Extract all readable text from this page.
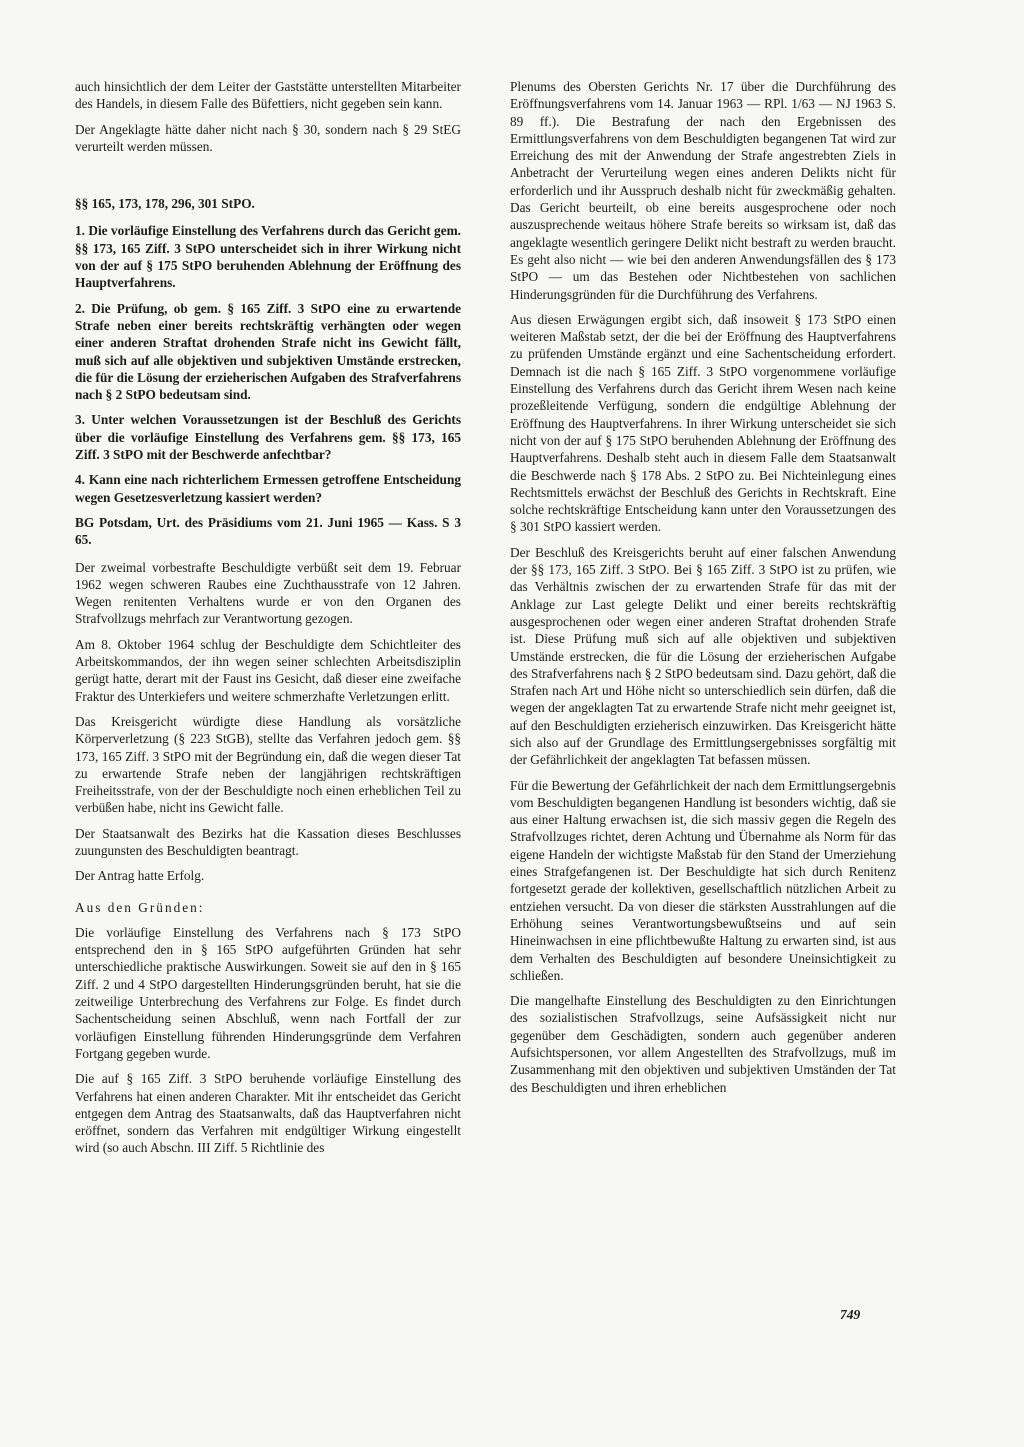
auch hinsichtlich der dem Leiter der Gaststätte unterstellten Mitarbeiter des Handels, in diesem Falle des Büfettiers, nicht gegeben sein kann.

Der Angeklagte hätte daher nicht nach § 30, sondern nach § 29 StEG verurteilt werden müssen.

§§ 165, 173, 178, 296, 301 StPO.

1. Die vorläufige Einstellung des Verfahrens durch das Gericht gem. §§ 173, 165 Ziff. 3 StPO unterscheidet sich in ihrer Wirkung nicht von der auf § 175 StPO beruhenden Ablehnung der Eröffnung des Hauptverfahrens.

2. Die Prüfung, ob gem. § 165 Ziff. 3 StPO eine zu erwartende Strafe neben einer bereits rechtskräftig verhängten oder wegen einer anderen Straftat drohenden Strafe nicht ins Gewicht fällt, muß sich auf alle objektiven und subjektiven Umstände erstrecken, die für die Lösung der erzieherischen Aufgaben des Strafverfahrens nach § 2 StPO bedeutsam sind.

3. Unter welchen Voraussetzungen ist der Beschluß des Gerichts über die vorläufige Einstellung des Verfahrens gem. §§ 173, 165 Ziff. 3 StPO mit der Beschwerde anfechtbar?

4. Kann eine nach richterlichem Ermessen getroffene Entscheidung wegen Gesetzesverletzung kassiert werden?

BG Potsdam, Urt. des Präsidiums vom 21. Juni 1965 — Kass. S 3 65.

Der zweimal vorbestrafte Beschuldigte verbüßt seit dem 19. Februar 1962 wegen schweren Raubes eine Zuchthausstrafe von 12 Jahren. Wegen renitenten Verhaltens wurde er von den Organen des Strafvollzugs mehrfach zur Verantwortung gezogen.

Am 8. Oktober 1964 schlug der Beschuldigte dem Schichtleiter des Arbeitskommandos, der ihn wegen seiner schlechten Arbeitsdisziplin gerügt hatte, derart mit der Faust ins Gesicht, daß dieser eine zweifache Fraktur des Unterkiefers und weitere schmerzhafte Verletzungen erlitt.

Das Kreisgericht würdigte diese Handlung als vorsätzliche Körperverletzung (§ 223 StGB), stellte das Verfahren jedoch gem. §§ 173, 165 Ziff. 3 StPO mit der Begründung ein, daß die wegen dieser Tat zu erwartende Strafe neben der langjährigen rechtskräftigen Freiheitsstrafe, von der der Beschuldigte noch einen erheblichen Teil zu verbüßen habe, nicht ins Gewicht falle.

Der Staatsanwalt des Bezirks hat die Kassation dieses Beschlusses zuungunsten des Beschuldigten beantragt.

Der Antrag hatte Erfolg.

Aus den Gründen:

Die vorläufige Einstellung des Verfahrens nach § 173 StPO entsprechend den in § 165 StPO aufgeführten Gründen hat sehr unterschiedliche praktische Auswirkungen. Soweit sie auf den in § 165 Ziff. 2 und 4 StPO dargestellten Hinderungsgründen beruht, hat sie die zeitweilige Unterbrechung des Verfahrens zur Folge. Es findet durch Sachentscheidung seinen Abschluß, wenn nach Fortfall der zur vorläufigen Einstellung führenden Hinderungsgründe dem Verfahren Fortgang gegeben wurde.

Die auf § 165 Ziff. 3 StPO beruhende vorläufige Einstellung des Verfahrens hat einen anderen Charakter. Mit ihr entscheidet das Gericht entgegen dem Antrag des Staatsanwalts, daß das Hauptverfahren nicht eröffnet, sondern das Verfahren mit endgültiger Wirkung eingestellt wird (so auch Abschn. III Ziff. 5 Richtlinie des

Plenums des Obersten Gerichts Nr. 17 über die Durchführung des Eröffnungsverfahrens vom 14. Januar 1963 — RPl. 1/63 — NJ 1963 S. 89 ff.). Die Bestrafung der nach den Ergebnissen des Ermittlungsverfahrens von dem Beschuldigten begangenen Tat wird zur Erreichung des mit der Anwendung der Strafe angestrebten Ziels in Anbetracht der Verurteilung wegen eines anderen Delikts nicht für erforderlich und ihr Ausspruch deshalb nicht für zweckmäßig gehalten. Das Gericht beurteilt, ob eine bereits ausgesprochene oder noch auszusprechende weitaus höhere Strafe bereits so wirksam ist, daß das angeklagte wesentlich geringere Delikt nicht bestraft zu werden braucht. Es geht also nicht — wie bei den anderen Anwendungsfällen des § 173 StPO — um das Bestehen oder Nichtbestehen von sachlichen Hinderungsgründen für die Durchführung des Verfahrens.

Aus diesen Erwägungen ergibt sich, daß insoweit § 173 StPO einen weiteren Maßstab setzt, der die bei der Eröffnung des Hauptverfahrens zu prüfenden Umstände ergänzt und eine Sachentscheidung erfordert. Demnach ist die nach § 165 Ziff. 3 StPO vorgenommene vorläufige Einstellung des Verfahrens durch das Gericht ihrem Wesen nach keine prozeßleitende Verfügung, sondern die endgültige Ablehnung der Eröffnung des Hauptverfahrens. In ihrer Wirkung unterscheidet sie sich nicht von der auf § 175 StPO beruhenden Ablehnung der Eröffnung des Hauptverfahrens. Deshalb steht auch in diesem Falle dem Staatsanwalt die Beschwerde nach § 178 Abs. 2 StPO zu. Bei Nichteinlegung eines Rechtsmittels erwächst der Beschluß des Gerichts in Rechtskraft. Eine solche rechtskräftige Entscheidung kann unter den Voraussetzungen des § 301 StPO kassiert werden.

Der Beschluß des Kreisgerichts beruht auf einer falschen Anwendung der §§ 173, 165 Ziff. 3 StPO. Bei § 165 Ziff. 3 StPO ist zu prüfen, wie das Verhältnis zwischen der zu erwartenden Strafe für das mit der Anklage zur Last gelegte Delikt und einer bereits rechtskräftig ausgesprochenen oder wegen einer anderen Straftat drohenden Strafe ist. Diese Prüfung muß sich auf alle objektiven und subjektiven Umstände erstrecken, die für die Lösung der erzieherischen Aufgabe des Strafverfahrens nach § 2 StPO bedeutsam sind. Dazu gehört, daß die Strafen nach Art und Höhe nicht so unterschiedlich sein dürfen, daß die wegen der angeklagten Tat zu erwartende Strafe nicht mehr geeignet ist, auf den Beschuldigten erzieherisch einzuwirken. Das Kreisgericht hätte sich also auf der Grundlage des Ermittlungsergebnisses sorgfältig mit der Gefährlichkeit der angeklagten Tat befassen müssen.

Für die Bewertung der Gefährlichkeit der nach dem Ermittlungsergebnis vom Beschuldigten begangenen Handlung ist besonders wichtig, daß sie aus einer Haltung erwachsen ist, die sich massiv gegen die Regeln des Strafvollzuges richtet, deren Achtung und Übernahme als Norm für das eigene Handeln der wichtigste Maßstab für den Stand der Umerziehung eines Strafgefangenen ist. Der Beschuldigte hat sich durch Renitenz fortgesetzt gerade der kollektiven, gesellschaftlich nützlichen Arbeit zu entziehen versucht. Da von dieser die stärksten Ausstrahlungen auf die Erhöhung seines Verantwortungsbewußtseins und auf sein Hineinwachsen in eine pflichtbewußte Haltung zu erwarten sind, ist aus dem Verhalten des Beschuldigten auf besondere Uneinsichtigkeit zu schließen.

Die mangelhafte Einstellung des Beschuldigten zu den Einrichtungen des sozialistischen Strafvollzugs, seine Aufsässigkeit nicht nur gegenüber dem Geschädigten, sondern auch gegenüber anderen Aufsichtspersonen, vor allem Angestellten des Strafvollzugs, muß im Zusammenhang mit den objektiven und subjektiven Umständen der Tat des Beschuldigten und ihren erheblichen

749
